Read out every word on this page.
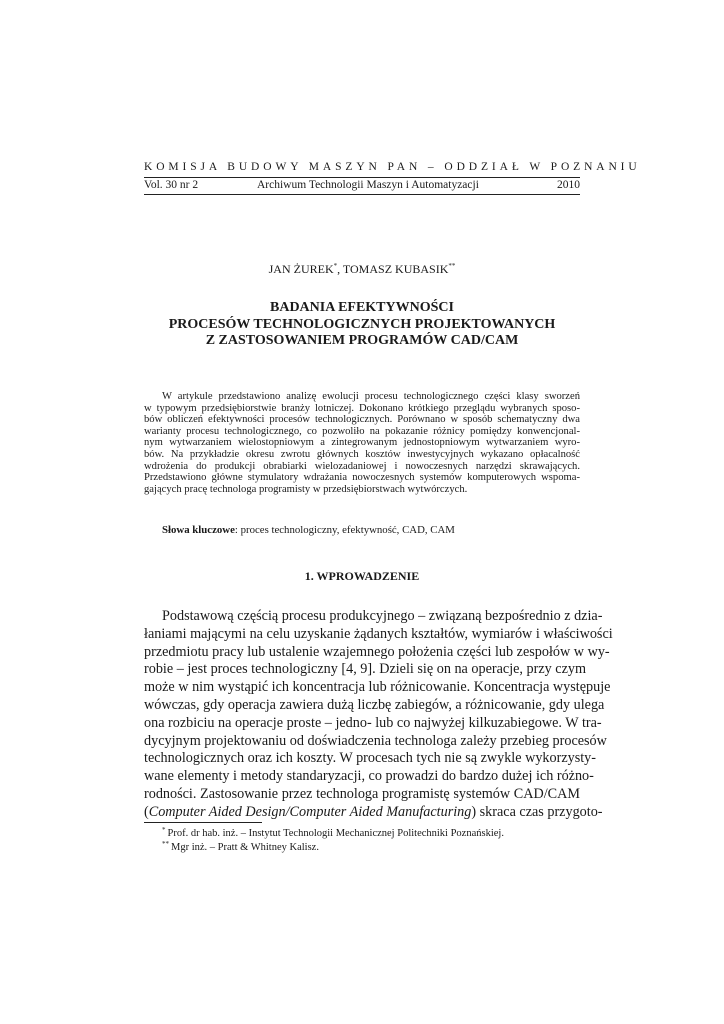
KOMISJA BUDOWY MASZYN PAN – ODDZIAŁ W POZNANIU
Vol. 30 nr 2	Archiwum Technologii Maszyn i Automatyzacji	2010
JAN ŻUREK*, TOMASZ KUBASIK**
BADANIA EFEKTYWNOŚCI
PROCESÓW TECHNOLOGICZNYCH PROJEKTOWANYCH
Z ZASTOSOWANIEM PROGRAMÓW CAD/CAM
W artykule przedstawiono analizę ewolucji procesu technologicznego części klasy sworzeń
w typowym przedsiębiorstwie branży lotniczej. Dokonano krótkiego przeglądu wybranych sposo-
bów obliczeń efektywności procesów technologicznych. Porównano w sposób schematyczny dwa
warianty procesu technologicznego, co pozwoliło na pokazanie różnicy pomiędzy konwencjonal-
nym wytwarzaniem wielostopniowym a zintegrowanym jednostopniowym wytwarzaniem wyro-
bów. Na przykładzie okresu zwrotu głównych kosztów inwestycyjnych wykazano opłacalność
wdrożenia do produkcji obrabiarki wielozadaniowej i nowoczesnych narzędzi skrawających.
Przedstawiono główne stymulatory wdrażania nowoczesnych systemów komputerowych wspoma-
gających pracę technologa programisty w przedsiębiorstwach wytwórczych.
Słowa kluczowe: proces technologiczny, efektywność, CAD, CAM
1. WPROWADZENIE
Podstawową częścią procesu produkcyjnego – związaną bezpośrednio z dzia-
łaniami mającymi na celu uzyskanie żądanych kształtów, wymiarów i właściwości
przedmiotu pracy lub ustalenie wzajemnego położenia części lub zespołów w wy-
robie – jest proces technologiczny [4, 9]. Dzieli się on na operacje, przy czym
może w nim wystąpić ich koncentracja lub różnicowanie. Koncentracja występuje
wówczas, gdy operacja zawiera dużą liczbę zabiegów, a różnicowanie, gdy ulega
ona rozbiciu na operacje proste – jedno- lub co najwyżej kilkuzabiegowe. W tra-
dycyjnym projektowaniu od doświadczenia technologa zależy przebieg procesów
technologicznych oraz ich koszty. W procesach tych nie są zwykle wykorzysty-
wane elementy i metody standaryzacji, co prowadzi do bardzo dużej ich różno-
rodności. Zastosowanie przez technologa programistę systemów CAD/CAM
(Computer Aided Design/Computer Aided Manufacturing) skraca czas przygoto-
* Prof. dr hab. inż. – Instytut Technologii Mechanicznej Politechniki Poznańskiej.
** Mgr inż. – Pratt & Whitney Kalisz.
